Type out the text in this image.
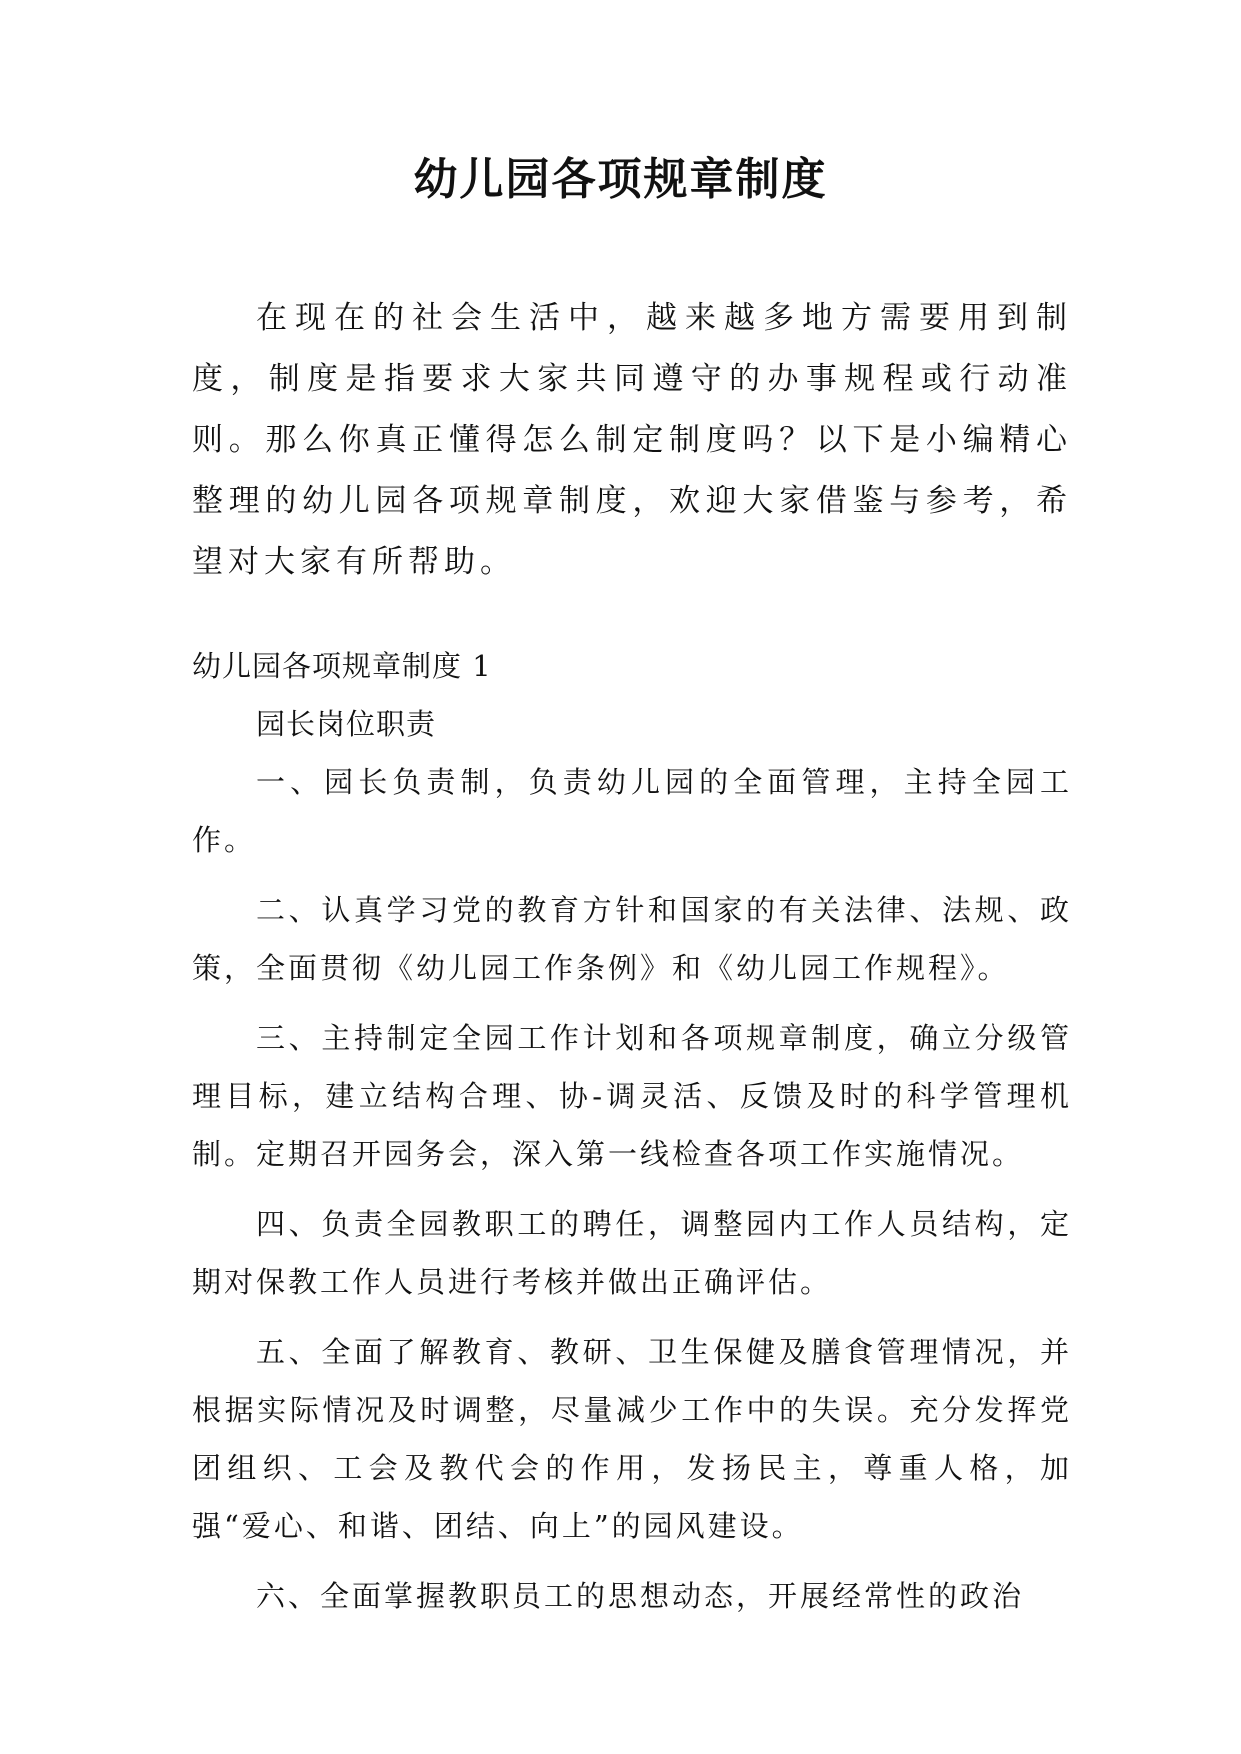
幼儿园各项规章制度

在现在的社会生活中，越来越多地方需要用到制度，制度是指要求大家共同遵守的办事规程或行动准则。那么你真正懂得怎么制定制度吗？以下是小编精心整理的幼儿园各项规章制度，欢迎大家借鉴与参考，希望对大家有所帮助。

幼儿园各项规章制度 1

园长岗位职责

一、园长负责制，负责幼儿园的全面管理，主持全园工作。

二、认真学习党的教育方针和国家的有关法律、法规、政策，全面贯彻《幼儿园工作条例》和《幼儿园工作规程》。

三、主持制定全园工作计划和各项规章制度，确立分级管理目标，建立结构合理、协-调灵活、反馈及时的科学管理机制。定期召开园务会，深入第一线检查各项工作实施情况。

四、负责全园教职工的聘任，调整园内工作人员结构，定期对保教工作人员进行考核并做出正确评估。

五、全面了解教育、教研、卫生保健及膳食管理情况，并根据实际情况及时调整，尽量减少工作中的失误。充分发挥党团组织、工会及教代会的作用，发扬民主，尊重人格，加强“爱心、和谐、团结、向上”的园风建设。

六、全面掌握教职员工的思想动态，开展经常性的政治
